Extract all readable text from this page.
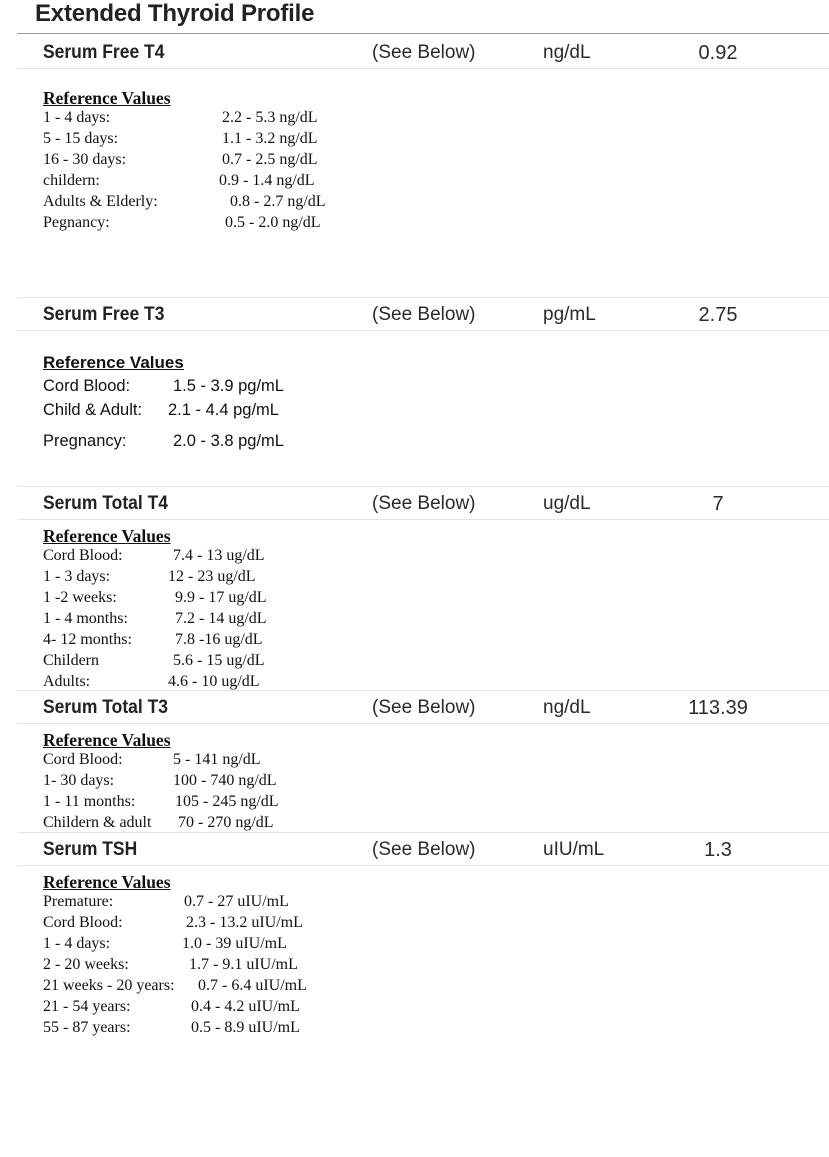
Extended Thyroid Profile
Serum Free T4	(See Below)	ng/dL	0.92
Reference Values
1 - 4 days:	2.2 - 5.3 ng/dL
5 - 15 days:	1.1 - 3.2 ng/dL
16 - 30 days:	0.7 - 2.5 ng/dL
childern:	0.9 - 1.4 ng/dL
Adults & Elderly:	0.8 - 2.7 ng/dL
Pegnancy:	0.5 - 2.0 ng/dL
Serum Free T3	(See Below)	pg/mL	2.75
Reference Values
Cord Blood:	1.5 - 3.9 pg/mL
Child & Adult: 2.1 - 4.4 pg/mL
Pregnancy:	2.0 - 3.8 pg/mL
Serum Total T4	(See Below)	ug/dL	7
Reference Values
Cord Blood:	7.4 - 13 ug/dL
1 - 3 days:	12 - 23 ug/dL
1 -2 weeks:	9.9 - 17 ug/dL
1 - 4 months:	7.2 - 14 ug/dL
4- 12 months:	7.8 -16 ug/dL
Childern	5.6 - 15 ug/dL
Adults:	4.6 - 10 ug/dL
Serum Total T3	(See Below)	ng/dL	113.39
Reference Values
Cord Blood:	5 - 141 ng/dL
1- 30 days:	100 - 740 ng/dL
1 - 11 months: 105 - 245 ng/dL
Childern & adult 70 - 270 ng/dL
Serum TSH	(See Below)	uIU/mL	1.3
Reference Values
Premature:	0.7 - 27 uIU/mL
Cord Blood:	2.3 - 13.2 uIU/mL
1 - 4 days:	1.0 - 39 uIU/mL
2 - 20 weeks:	1.7 - 9.1 uIU/mL
21 weeks - 20 years: 0.7 - 6.4 uIU/mL
21 - 54 years:	0.4 - 4.2 uIU/mL
55 - 87 years:	0.5 - 8.9 uIU/mL
